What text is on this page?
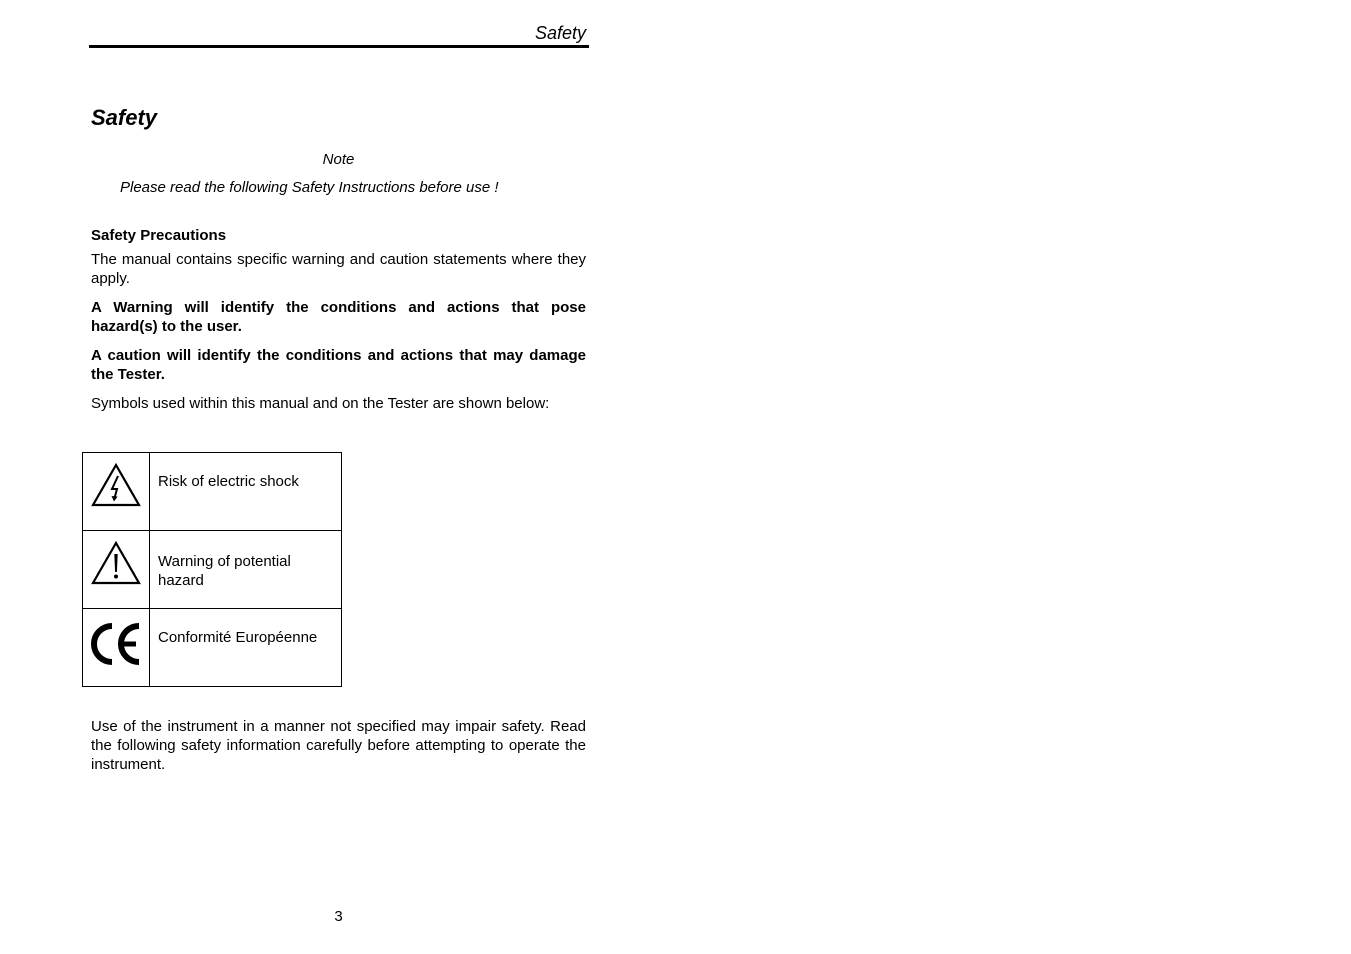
Safety
Safety
Note
Please read the following Safety Instructions before use !
Safety Precautions

The manual contains specific warning and caution statements where they apply.

A Warning will identify the conditions and actions that pose hazard(s) to the user.

A caution will identify the conditions and actions that may damage the Tester.

Symbols used within this manual and on the Tester are shown below:

	Risk of electric shock

	Warning of potential hazard

	Conformité Européenne

Use of the instrument in a manner not specified may impair safety. Read the following safety information carefully before attempting to operate the instrument.

3
